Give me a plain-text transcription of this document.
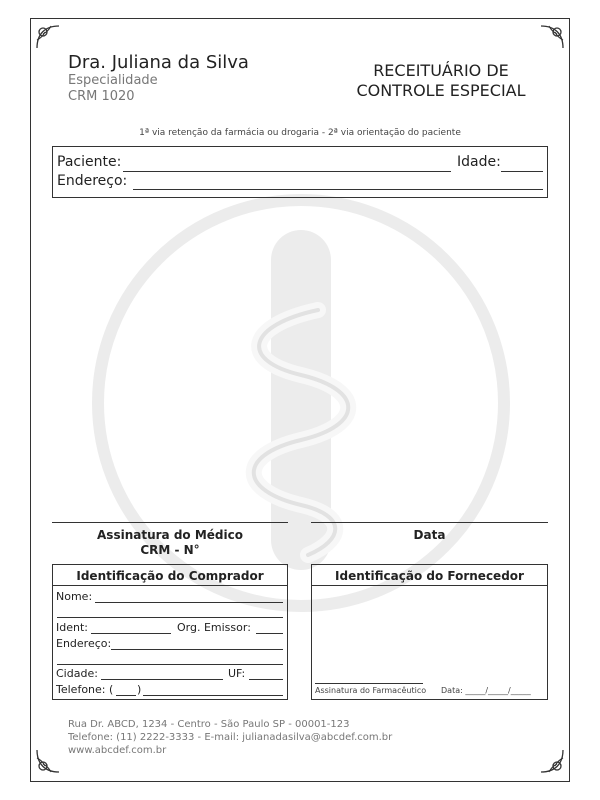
Dra. Juliana da Silva
Especialidade
CRM 1020
RECEITUÁRIO DE
CONTROLE ESPECIAL
1ª via retenção da farmácia ou drogaria - 2ª via orientação do paciente
Paciente:	Idade:
Endereço:
Assinatura do Médico
CRM - N°
Data
Identificação do Comprador
Nome:
Ident:	Org. Emissor:
Endereço:
Cidade:	UF:
Telefone: ( )
Identificação do Fornecedor
Assinatura do Farmacêutico Data: _____/_____/_____
Rua Dr. ABCD, 1234 - Centro - São Paulo SP - 00001-123
Telefone: (11) 2222-3333 - E-mail: julianadasilva@abcdef.com.br
www.abcdef.com.br
